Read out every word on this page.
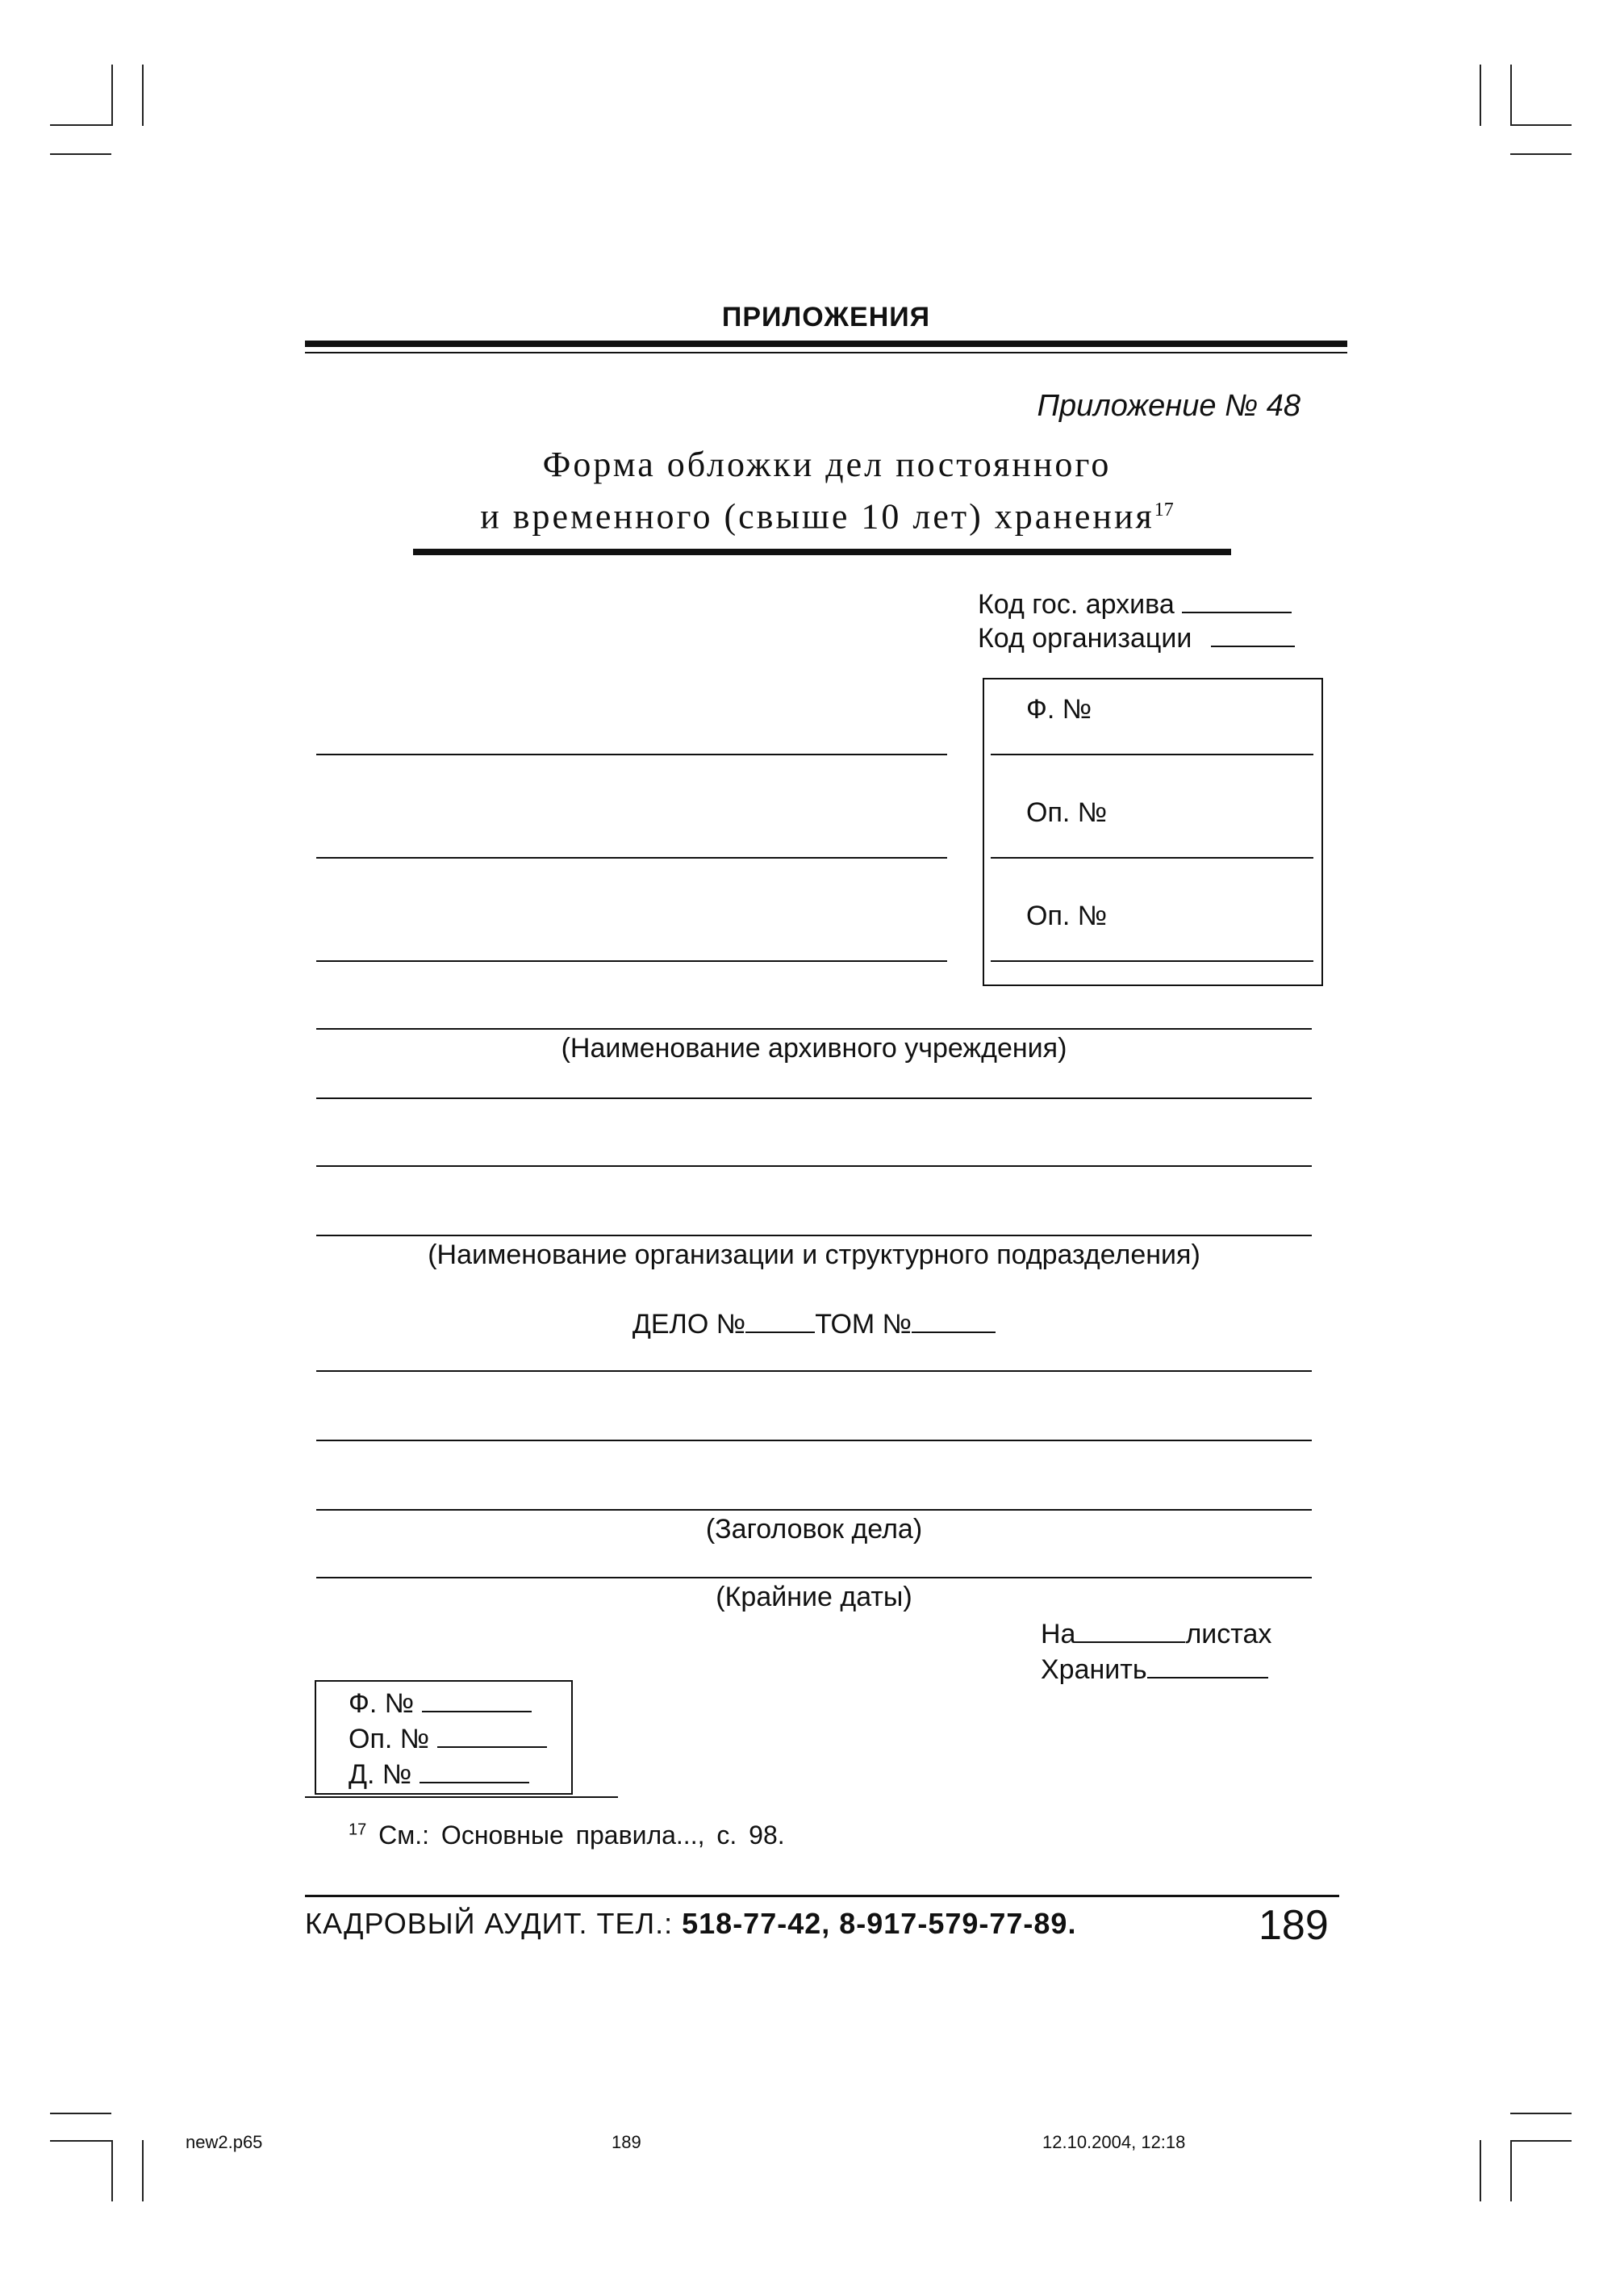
ПРИЛОЖЕНИЯ
Приложение № 48
Форма обложки дел постоянного
и временного (свыше 10 лет) хранения$^{17}$
Код гос. архива
Код организации
Ф. №
Оп. №
Оп. №
(Наименование архивного учреждения)
(Наименование организации и структурного подразделения)
ДЕЛО №	ТОМ №
(Заголовок дела)
(Крайние даты)
На	листах
Хранить
Ф. №
Оп. №
Д. №
$^{17}$ См.: Основные правила..., с. 98.
КАДРОВЫЙ АУДИТ. ТЕЛ.: 518-77-42, 8-917-579-77-89.	189
new2.p65	189	12.10.2004, 12:18
